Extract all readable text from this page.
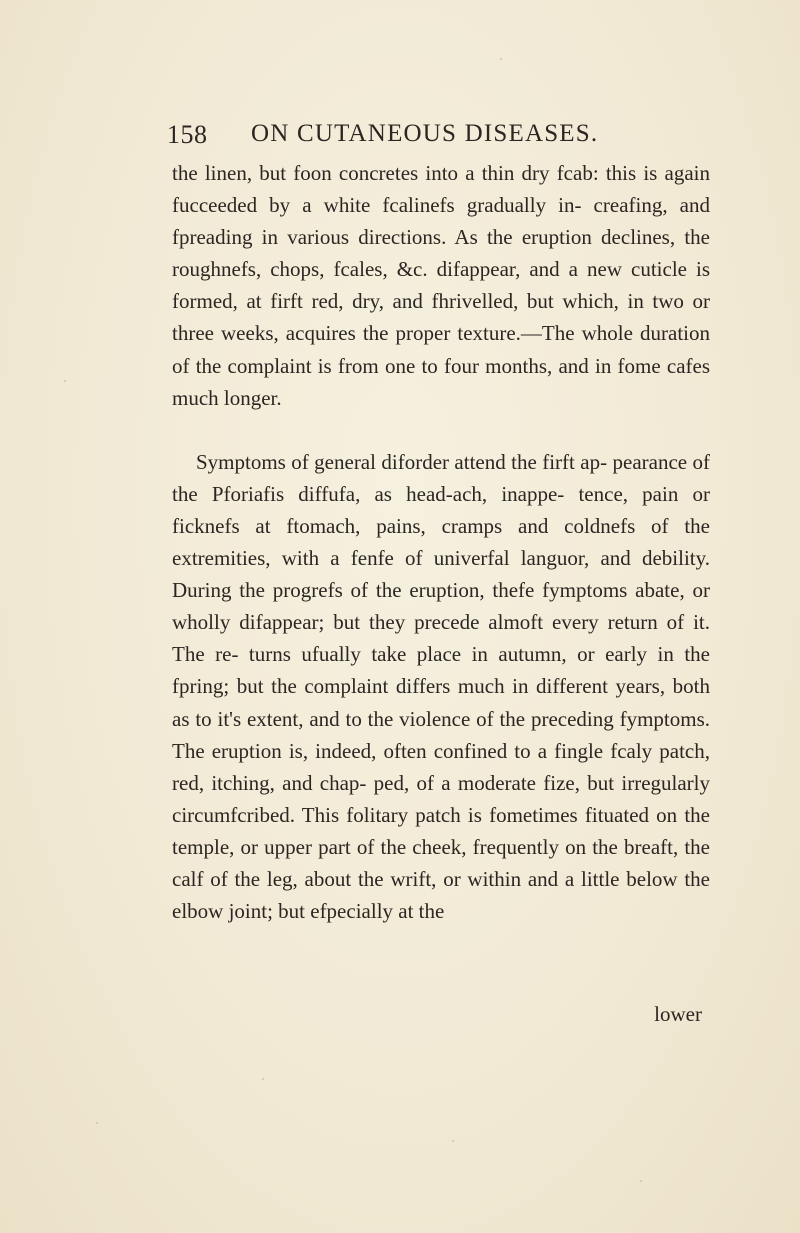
158 ON CUTANEOUS DISEASES.

the linen, but foon concretes into a thin dry fcab: this is again fucceeded by a white fcalinefs gradually in- creafing, and fpreading in various directions. As the eruption declines, the roughnefs, chops, fcales, &c. difappear, and a new cuticle is formed, at firft red, dry, and fhrivelled, but which, in two or three weeks, acquires the proper texture.—The whole duration of the complaint is from one to four months, and in fome cafes much longer.

Symptoms of general diforder attend the firft ap- pearance of the Pforiafis diffufa, as head-ach, inappe- tence, pain or ficknefs at ftomach, pains, cramps and coldnefs of the extremities, with a fenfe of univerfal languor, and debility. During the progrefs of the eruption, thefe fymptoms abate, or wholly difappear; but they precede almoft every return of it. The re- turns ufually take place in autumn, or early in the fpring; but the complaint differs much in different years, both as to it's extent, and to the violence of the preceding fymptoms. The eruption is, indeed, often confined to a fingle fcaly patch, red, itching, and chap- ped, of a moderate fize, but irregularly circumfcribed. This folitary patch is fometimes fituated on the temple, or upper part of the cheek, frequently on the breaft, the calf of the leg, about the wrift, or within and a little below the elbow joint; but efpecially at the

lower
